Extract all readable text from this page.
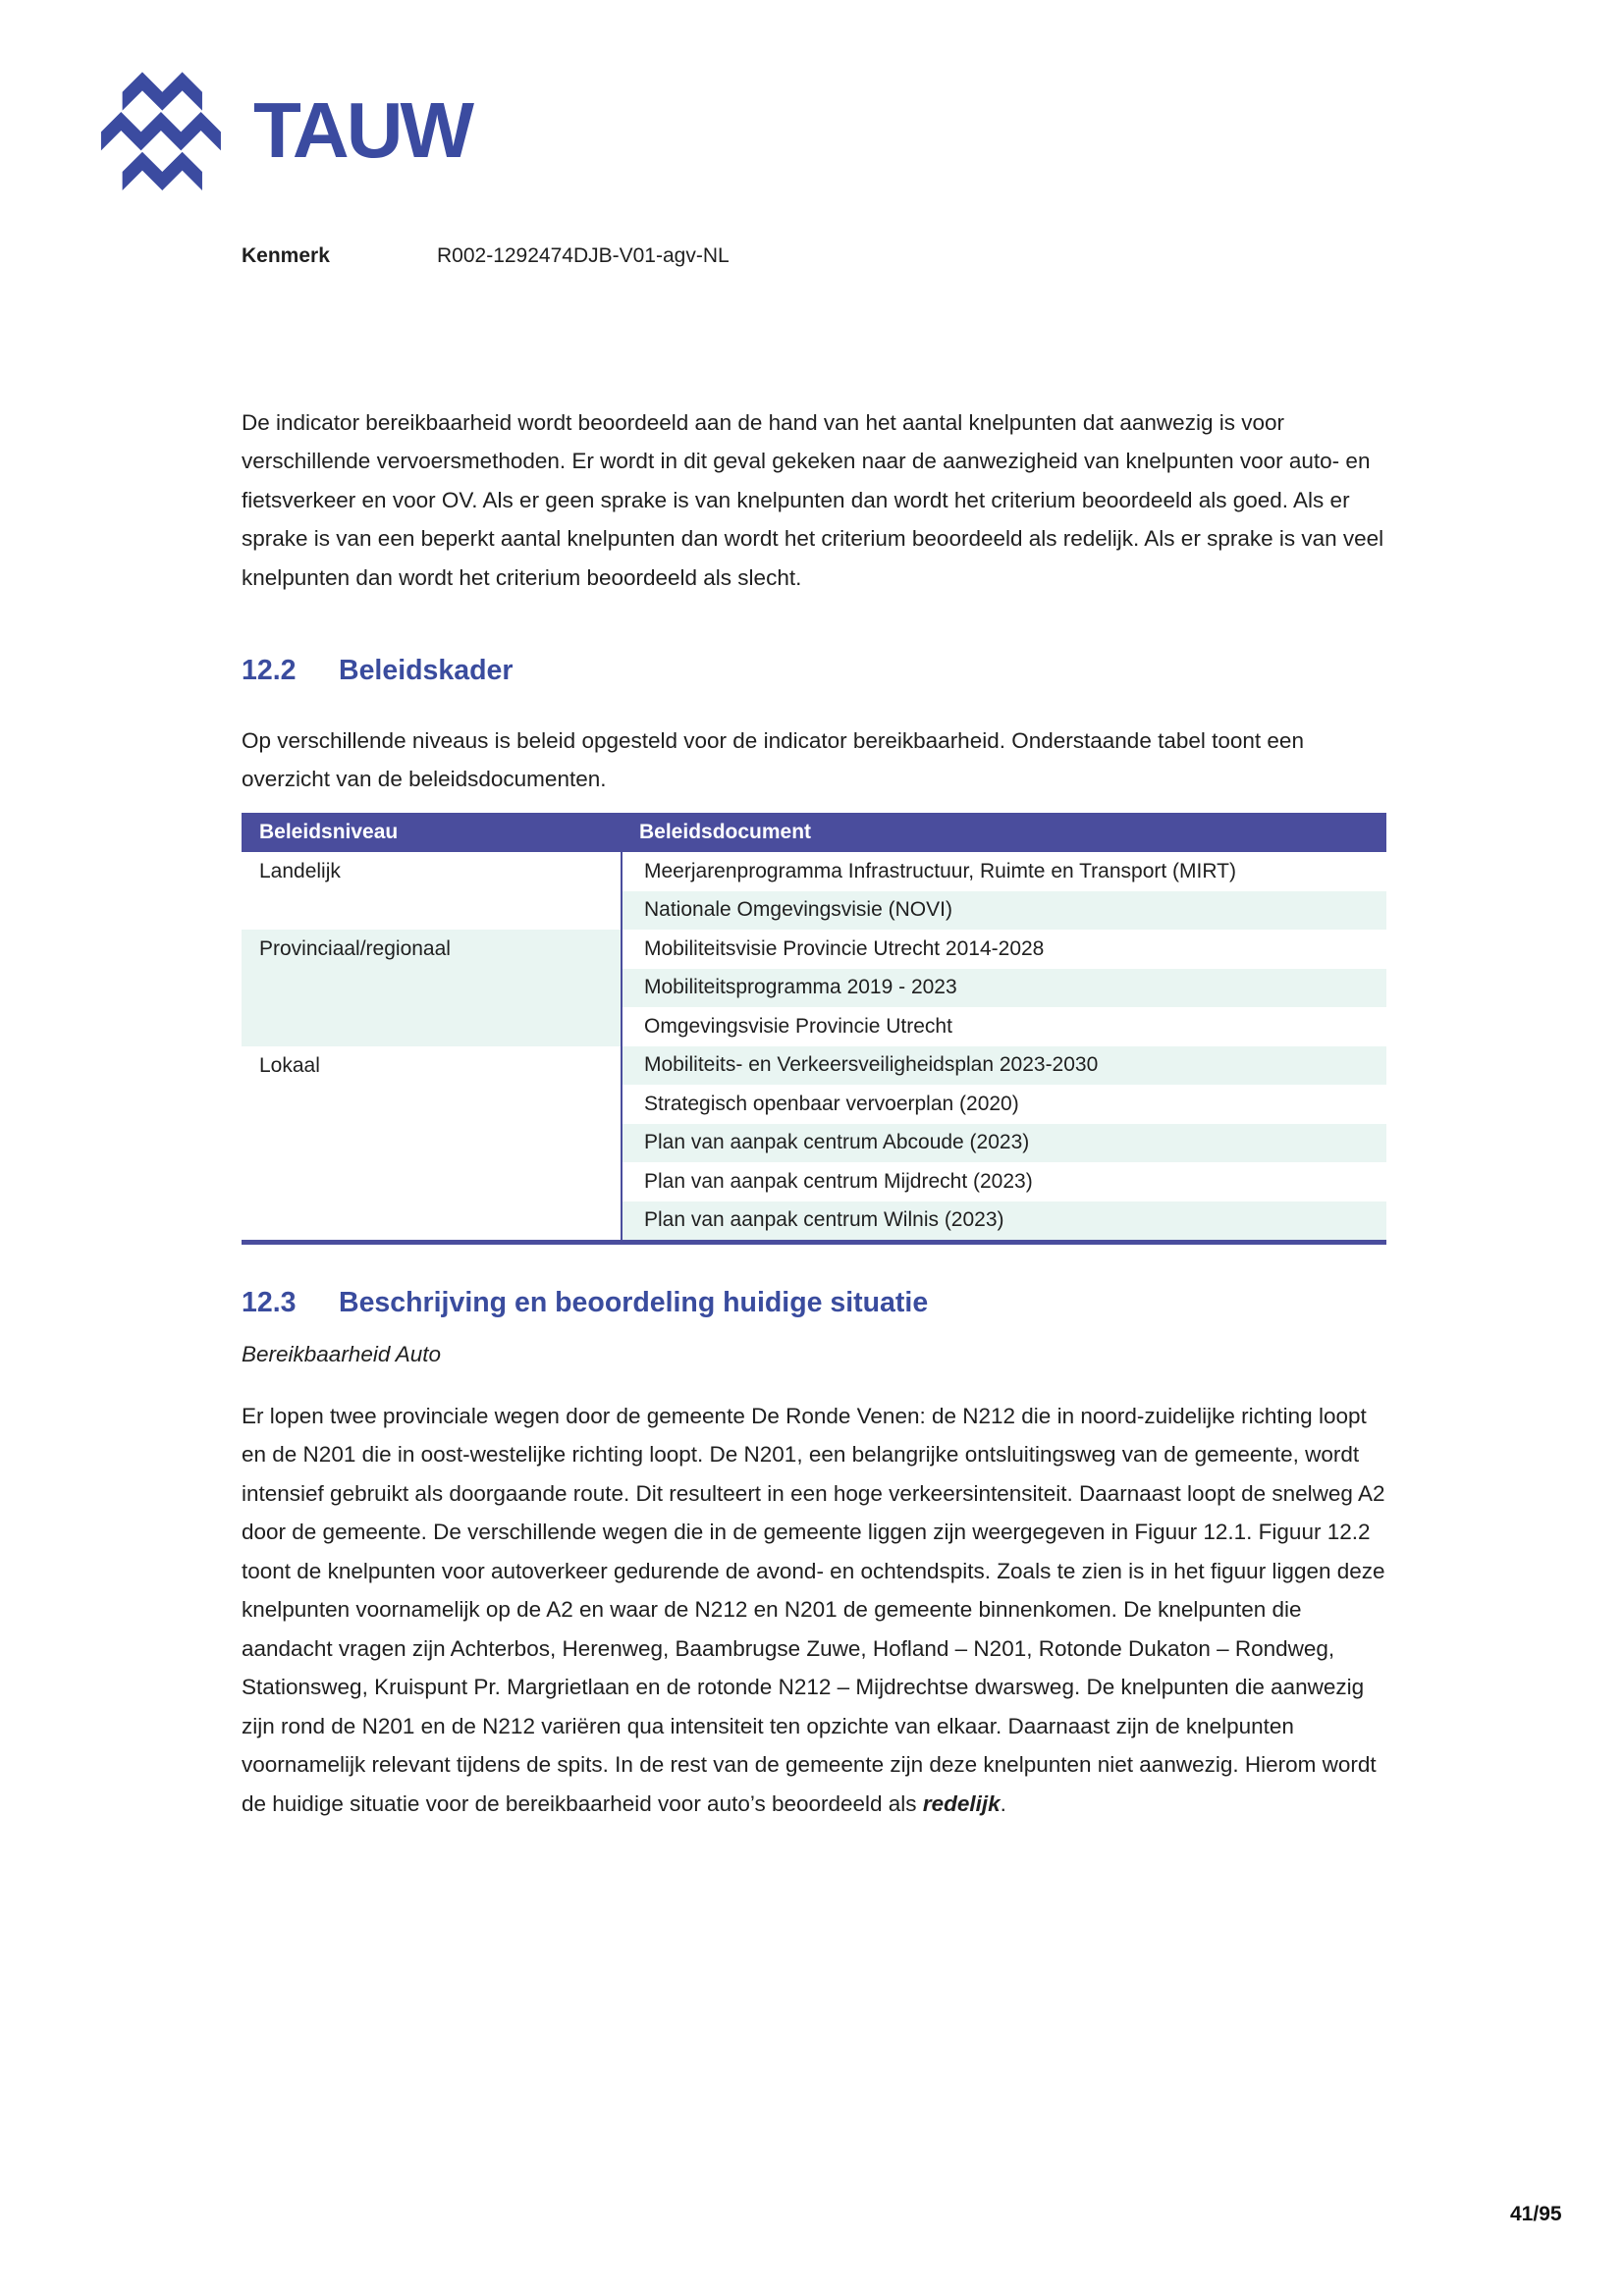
TAUW
Kenmerk	R002-1292474DJB-V01-agv-NL

De indicator bereikbaarheid wordt beoordeeld aan de hand van het aantal knelpunten dat aanwezig is voor verschillende vervoersmethoden. Er wordt in dit geval gekeken naar de aanwezigheid van knelpunten voor auto- en fietsverkeer en voor OV. Als er geen sprake is van knelpunten dan wordt het criterium beoordeeld als goed. Als er sprake is van een beperkt aantal knelpunten dan wordt het criterium beoordeeld als redelijk. Als er sprake is van veel knelpunten dan wordt het criterium beoordeeld als slecht.

12.2 Beleidskader

Op verschillende niveaus is beleid opgesteld voor de indicator bereikbaarheid. Onderstaande tabel toont een overzicht van de beleidsdocumenten.

Beleidsniveau	Beleidsdocument
Landelijk	Meerjarenprogramma Infrastructuur, Ruimte en Transport (MIRT)
	Nationale Omgevingsvisie (NOVI)
Provinciaal/regionaal	Mobiliteitsvisie Provincie Utrecht 2014-2028
	Mobiliteitsprogramma 2019 - 2023
	Omgevingsvisie Provincie Utrecht
Lokaal	Mobiliteits- en Verkeersveiligheidsplan 2023-2030
	Strategisch openbaar vervoerplan (2020)
	Plan van aanpak centrum Abcoude (2023)
	Plan van aanpak centrum Mijdrecht (2023)
	Plan van aanpak centrum Wilnis (2023)
12.3 Beschrijving en beoordeling huidige situatie
Bereikbaarheid Auto

Er lopen twee provinciale wegen door de gemeente De Ronde Venen: de N212 die in noord-zuidelijke richting loopt en de N201 die in oost-westelijke richting loopt. De N201, een belangrijke ontsluitingsweg van de gemeente, wordt intensief gebruikt als doorgaande route. Dit resulteert in een hoge verkeersintensiteit. Daarnaast loopt de snelweg A2 door de gemeente. De verschillende wegen die in de gemeente liggen zijn weergegeven in Figuur 12.1. Figuur 12.2 toont de knelpunten voor autoverkeer gedurende de avond- en ochtendspits. Zoals te zien is in het figuur liggen deze knelpunten voornamelijk op de A2 en waar de N212 en N201 de gemeente binnenkomen. De knelpunten die aandacht vragen zijn Achterbos, Herenweg, Baambrugse Zuwe, Hofland – N201, Rotonde Dukaton – Rondweg, Stationsweg, Kruispunt Pr. Margrietlaan en de rotonde N212 – Mijdrechtse dwarsweg. De knelpunten die aanwezig zijn rond de N201 en de N212 variëren qua intensiteit ten opzichte van elkaar. Daarnaast zijn de knelpunten voornamelijk relevant tijdens de spits. In de rest van de gemeente zijn deze knelpunten niet aanwezig. Hierom wordt de huidige situatie voor de bereikbaarheid voor auto’s beoordeeld als redelijk.

41/95
